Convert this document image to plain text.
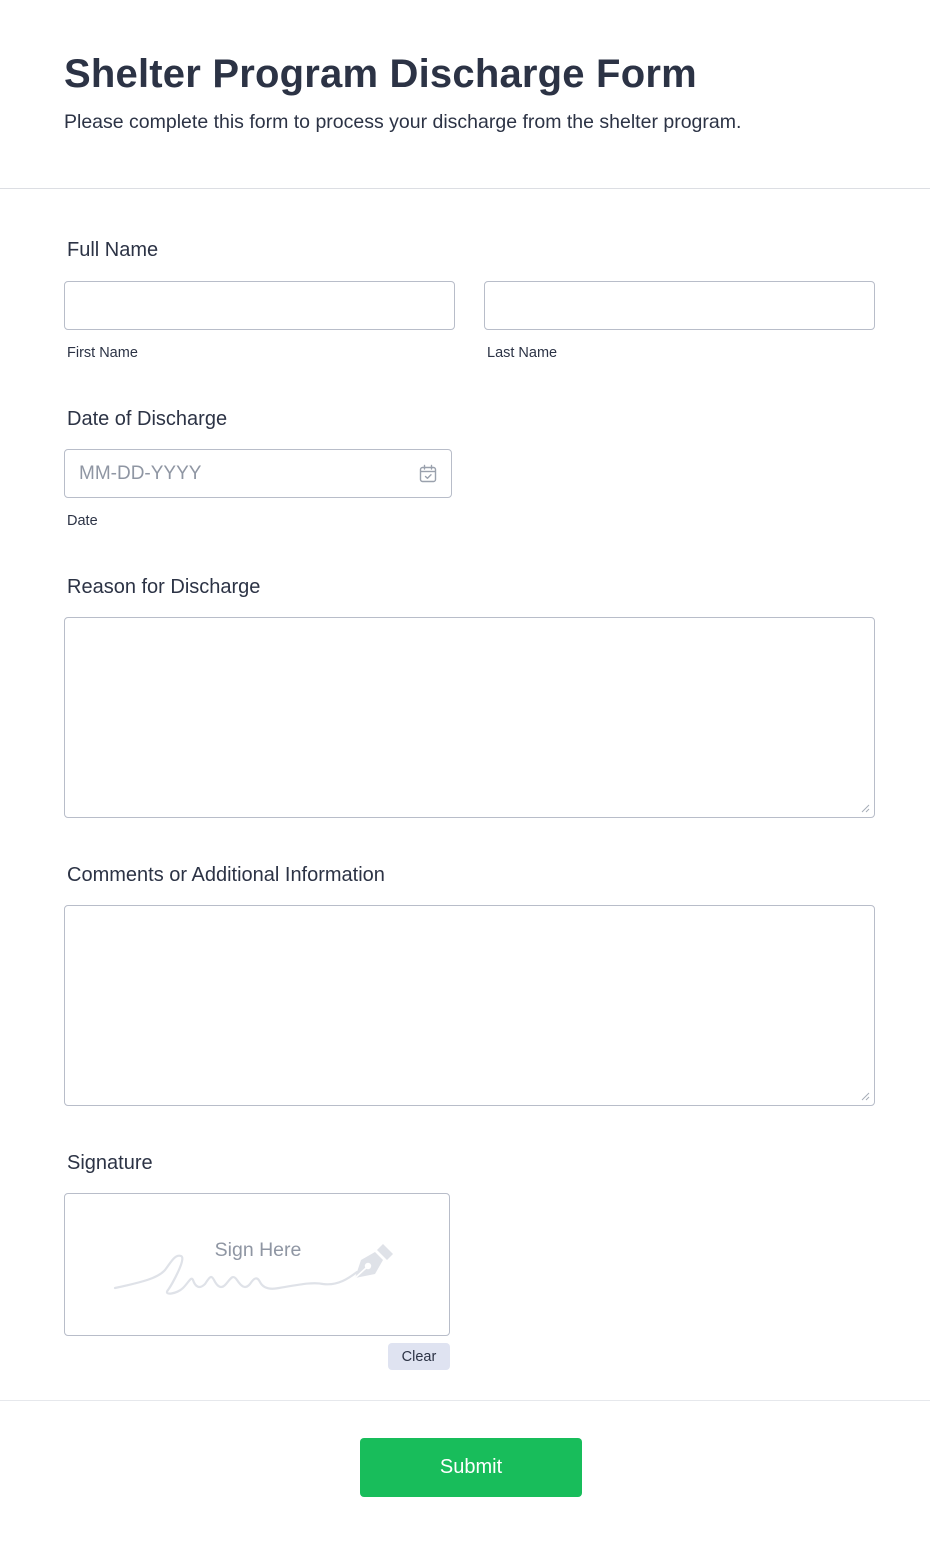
Shelter Program Discharge Form

Please complete this form to process your discharge from the shelter program.

Full Name
First Name	Last Name
Date of Discharge
MM-DD-YYYY
Date
Reason for Discharge
Comments or Additional Information
Signature
Sign Here
Clear
Submit
